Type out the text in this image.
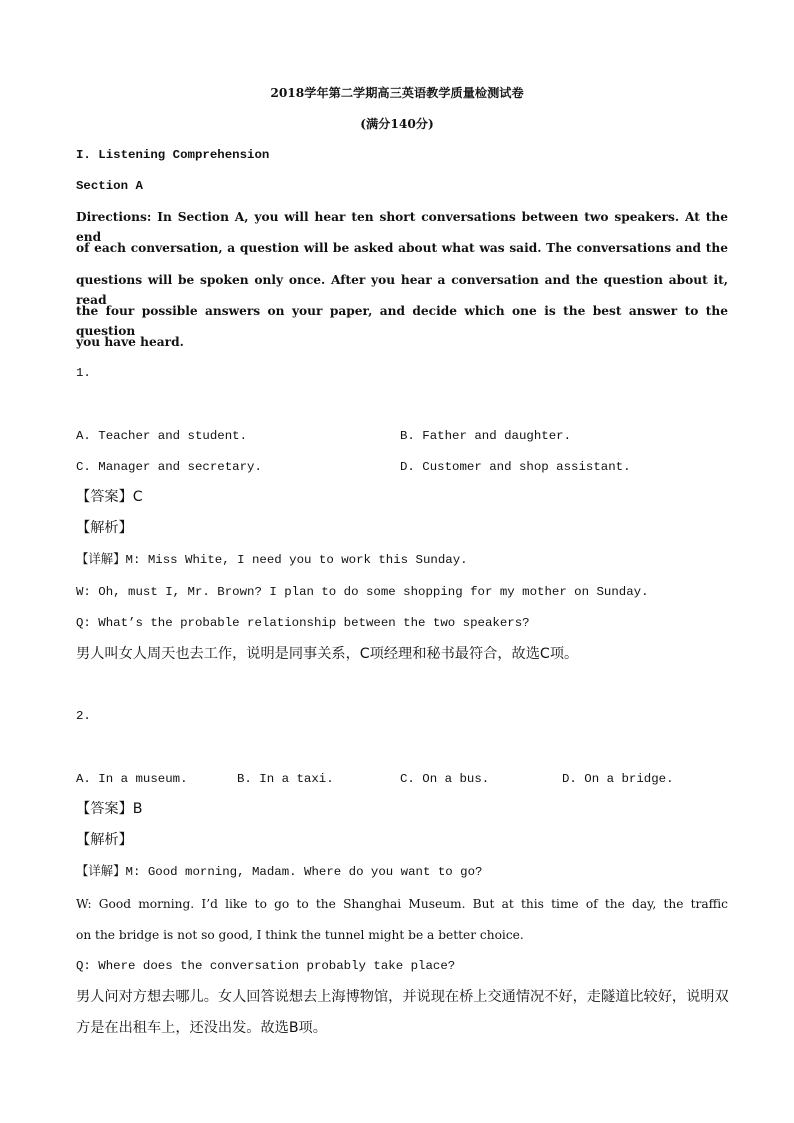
2018学年第二学期高三英语教学质量检测试卷
(满分140分)
I. Listening Comprehension
Section A
Directions: In Section A, you will hear ten short conversations between two speakers. At the end
of each conversation, a question will be asked about what was said. The conversations and the
questions will be spoken only once. After you hear a conversation and the question about it, read
the four possible answers on your paper, and decide which one is the best answer to the question
you have heard.
1.
A. Teacher and student.	B. Father and daughter.
C. Manager and secretary.	D. Customer and shop assistant.
【答案】C
【解析】
【详解】M: Miss White, I need you to work this Sunday.
W: Oh, must I, Mr. Brown? I plan to do some shopping for my mother on Sunday.
Q: What’s the probable relationship between the two speakers?
男人叫女人周天也去工作，说明是同事关系，C项经理和秘书最符合，故选C项。
2.
A. In a museum.	B. In a taxi.	C. On a bus.	D. On a bridge.
【答案】B
【解析】
【详解】M: Good morning, Madam. Where do you want to go?
W: Good morning. I’d like to go to the Shanghai Museum. But at this time of the day, the traffic
on the bridge is not so good, I think the tunnel might be a better choice.
Q: Where does the conversation probably take place?
男人问对方想去哪儿。女人回答说想去上海博物馆，并说现在桥上交通情况不好，走隧道比较好，说明双
方是在出租车上，还没出发。故选B项。
